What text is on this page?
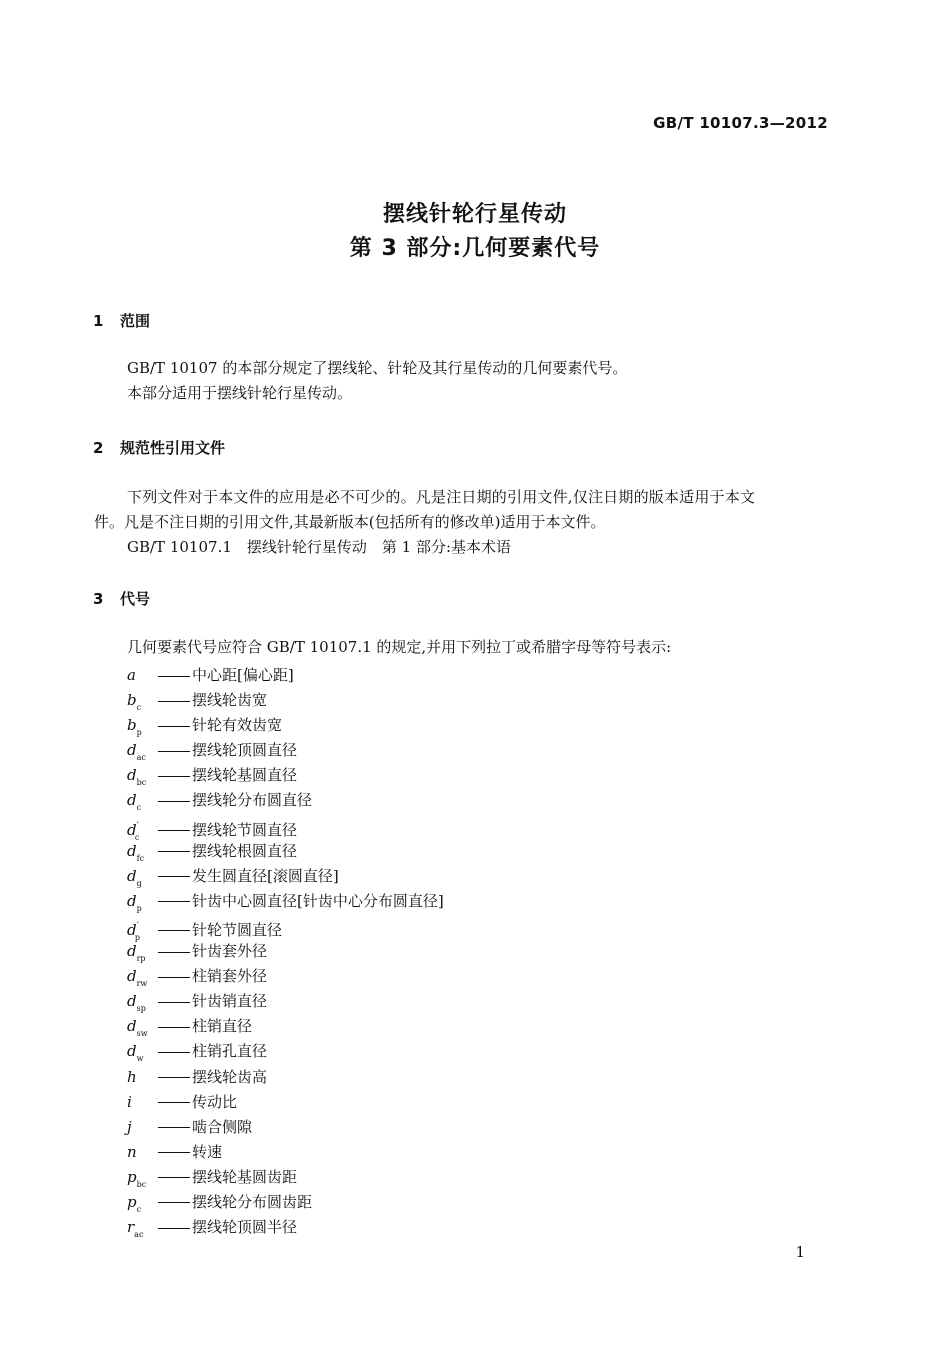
GB/T 10107.3—2012
摆线针轮行星传动
第 3 部分:几何要素代号
1 范围
GB/T 10107 的本部分规定了摆线轮、针轮及其行星传动的几何要素代号。
本部分适用于摆线针轮行星传动。
2 规范性引用文件
下列文件对于本文件的应用是必不可少的。凡是注日期的引用文件,仅注日期的版本适用于本文
件。凡是不注日期的引用文件,其最新版本(包括所有的修改单)适用于本文件。
GB/T 10107.1　摆线针轮行星传动　第 1 部分:基本术语
3 代号
几何要素代号应符合 GB/T 10107.1 的规定,并用下列拉丁或希腊字母等符号表示:
a	中心距[偏心距]
$b_c$	摆线轮齿宽
$b_p$	针轮有效齿宽
$d_{ac}$	摆线轮顶圆直径
$d_{bc}$	摆线轮基圆直径
$d_c$	摆线轮分布圆直径
$d'_c$	摆线轮节圆直径
$d_{fc}$	摆线轮根圆直径
$d_g$	发生圆直径[滚圆直径]
$d_p$	针齿中心圆直径[针齿中心分布圆直径]
$d'_p$	针轮节圆直径
$d_{rp}$	针齿套外径
$d_{rw}$	柱销套外径
$d_{sp}$	针齿销直径
$d_{sw}$	柱销直径
$d_w$	柱销孔直径
h	摆线轮齿高
i	传动比
j	啮合侧隙
n	转速
$p_{bc}$	摆线轮基圆齿距
$p_c$	摆线轮分布圆齿距
$r_{ac}$	摆线轮顶圆半径
1
